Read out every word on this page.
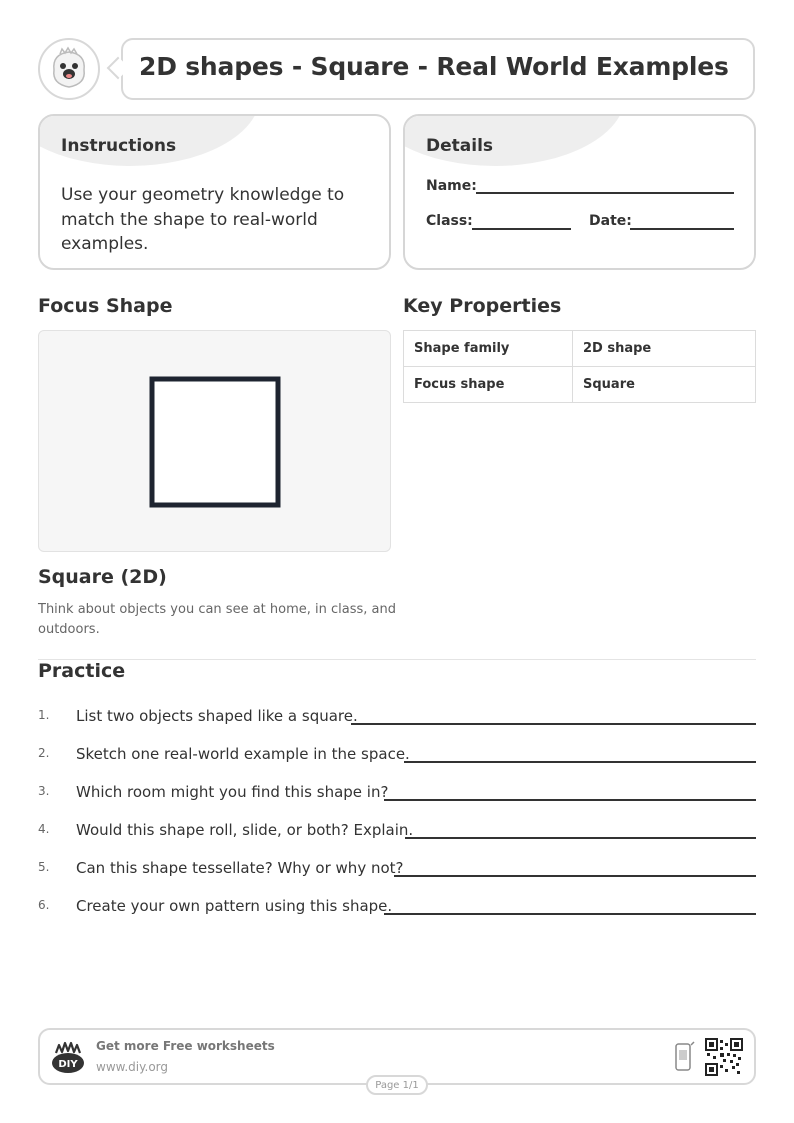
2D shapes - Square - Real World Examples
Instructions
Use your geometry knowledge to match the shape to real-world examples.
Details
Name:
Class:	Date:
Focus Shape
Square (2D)
Think about objects you can see at home, in class, and outdoors.
Key Properties
Shape family	2D shape
Focus shape	Square
Practice
1. List two objects shaped like a square.
2. Sketch one real-world example in the space.
3. Which room might you find this shape in?
4. Would this shape roll, slide, or both? Explain.
5. Can this shape tessellate? Why or why not?
6. Create your own pattern using this shape.
DIY
Get more Free worksheets
www.diy.org
Page 1/1
